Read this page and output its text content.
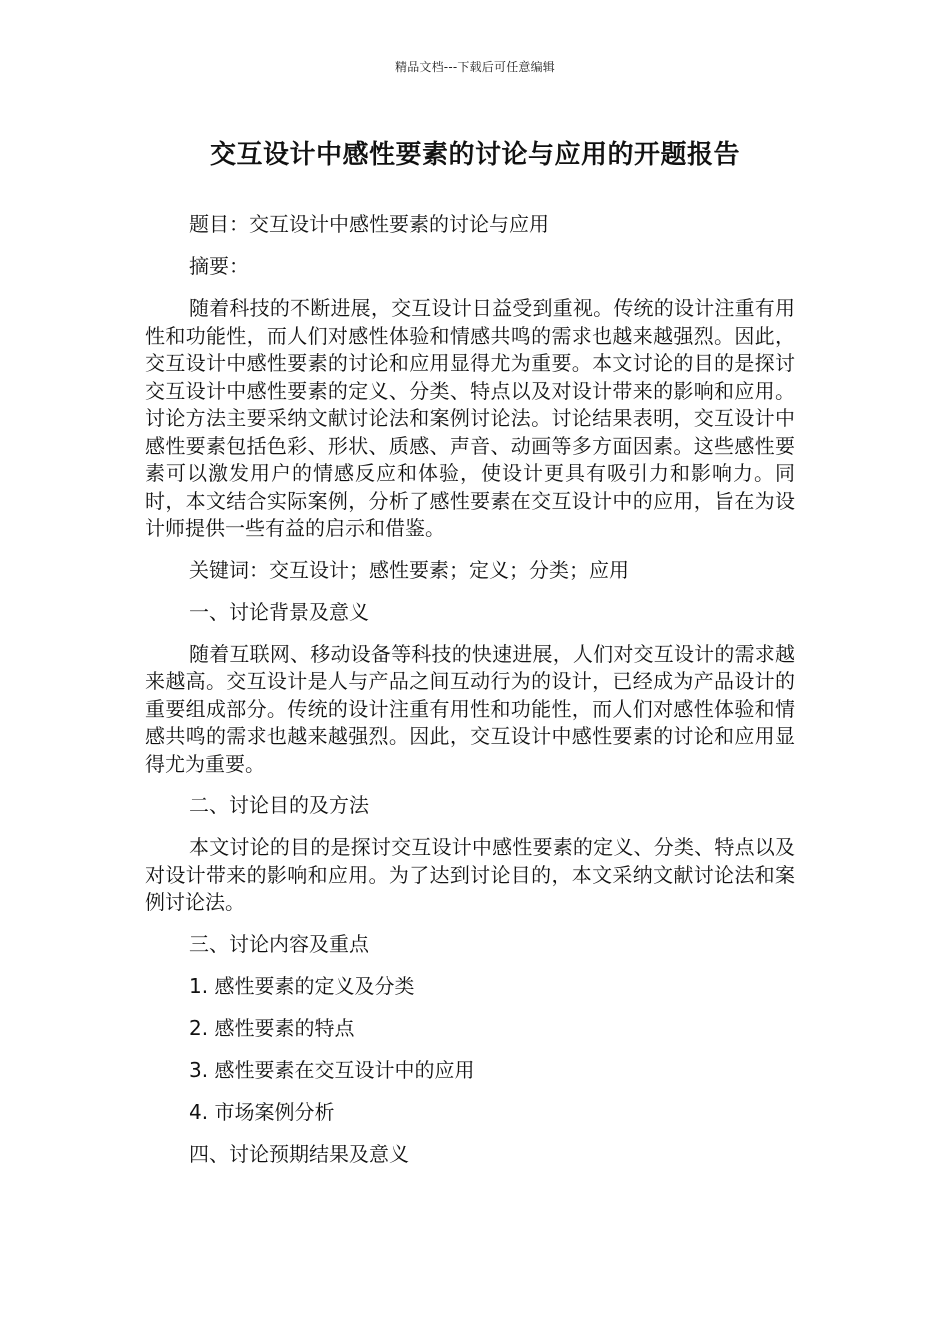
精品文档---下载后可任意编辑
交互设计中感性要素的讨论与应用的开题报告

题目：交互设计中感性要素的讨论与应用

摘要：

随着科技的不断进展，交互设计日益受到重视。传统的设计注重有用性和功能性，而人们对感性体验和情感共鸣的需求也越来越强烈。因此，交互设计中感性要素的讨论和应用显得尤为重要。本文讨论的目的是探讨交互设计中感性要素的定义、分类、特点以及对设计带来的影响和应用。讨论方法主要采纳文献讨论法和案例讨论法。讨论结果表明，交互设计中感性要素包括色彩、形状、质感、声音、动画等多方面因素。这些感性要素可以激发用户的情感反应和体验，使设计更具有吸引力和影响力。同时，本文结合实际案例，分析了感性要素在交互设计中的应用，旨在为设计师提供一些有益的启示和借鉴。

关键词：交互设计；感性要素；定义；分类；应用

一、讨论背景及意义

随着互联网、移动设备等科技的快速进展，人们对交互设计的需求越来越高。交互设计是人与产品之间互动行为的设计，已经成为产品设计的重要组成部分。传统的设计注重有用性和功能性，而人们对感性体验和情感共鸣的需求也越来越强烈。因此，交互设计中感性要素的讨论和应用显得尤为重要。

二、讨论目的及方法

本文讨论的目的是探讨交互设计中感性要素的定义、分类、特点以及对设计带来的影响和应用。为了达到讨论目的，本文采纳文献讨论法和案例讨论法。

三、讨论内容及重点

1. 感性要素的定义及分类

2. 感性要素的特点

3. 感性要素在交互设计中的应用

4. 市场案例分析

四、讨论预期结果及意义
